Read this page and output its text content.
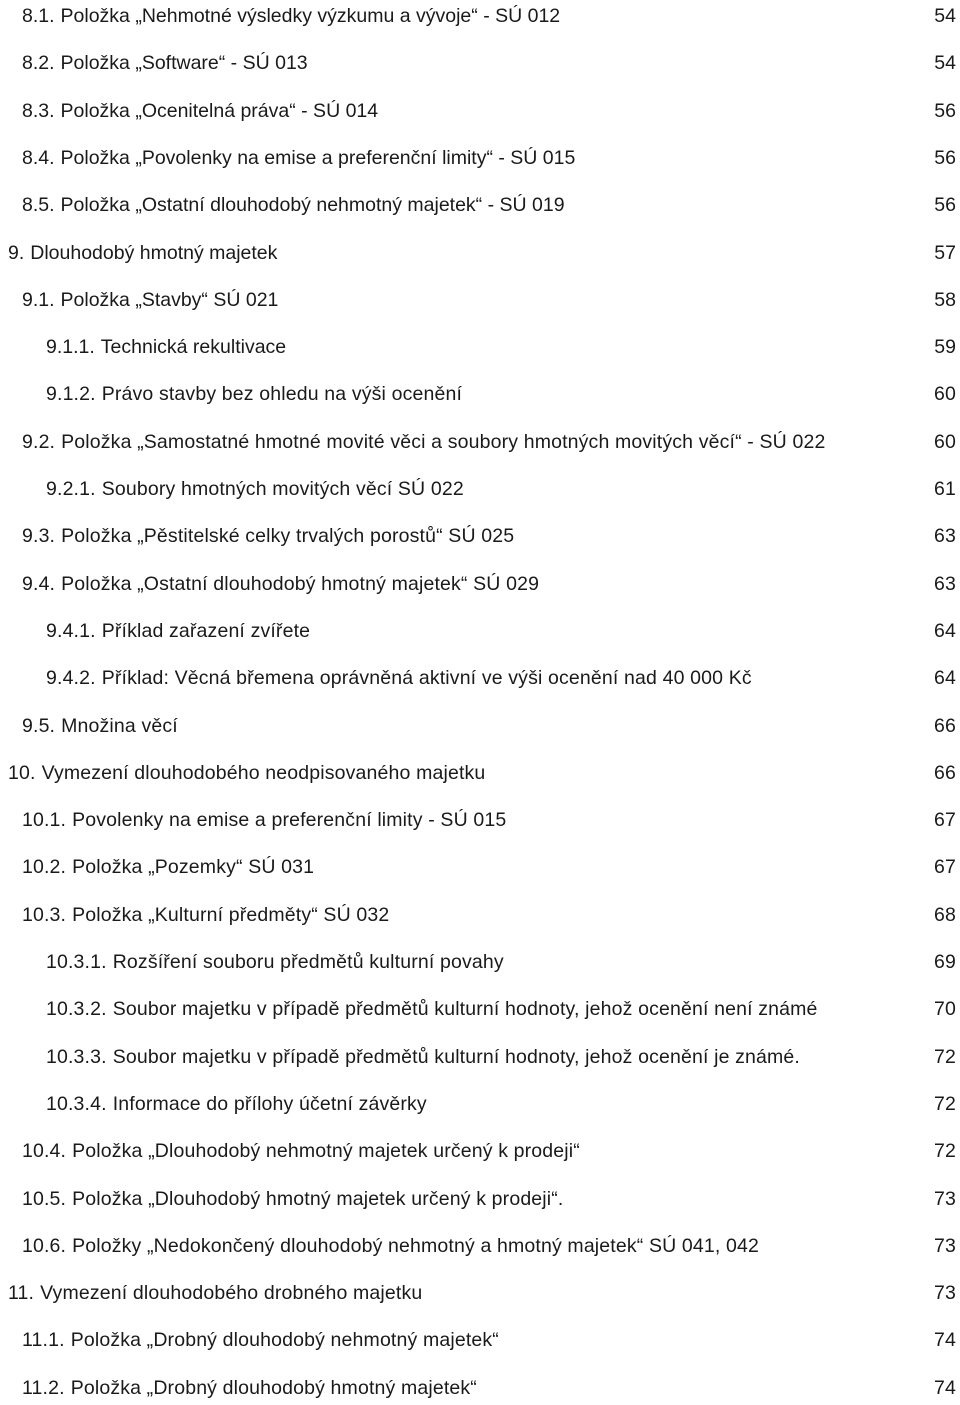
8.1. Položka „Nehmotné výsledky výzkumu a vývoje“ - SÚ 012	54
8.2. Položka „Software“ - SÚ 013	54
8.3. Položka „Ocenitelná práva“ - SÚ 014	56
8.4. Položka „Povolenky na emise a preferenční limity“ - SÚ 015	56
8.5. Položka „Ostatní dlouhodobý nehmotný majetek“ - SÚ 019	56
9. Dlouhodobý hmotný majetek	57
9.1. Položka „Stavby“ SÚ 021	58
9.1.1. Technická rekultivace	59
9.1.2. Právo stavby bez ohledu na výši ocenění	60
9.2. Položka „Samostatné hmotné movité věci a soubory hmotných movitých věcí“ - SÚ 022	60
9.2.1. Soubory hmotných movitých věcí SÚ 022	61
9.3. Položka „Pěstitelské celky trvalých porostů“ SÚ 025	63
9.4. Položka „Ostatní dlouhodobý hmotný majetek“ SÚ 029	63
9.4.1. Příklad zařazení zvířete	64
9.4.2. Příklad: Věcná břemena oprávněná aktivní ve výši ocenění nad 40 000 Kč	64
9.5. Množina věcí	66
10. Vymezení dlouhodobého neodpisovaného majetku	66
10.1. Povolenky na emise a preferenční limity - SÚ 015	67
10.2. Položka „Pozemky“ SÚ 031	67
10.3. Položka „Kulturní předměty“ SÚ 032	68
10.3.1. Rozšíření souboru předmětů kulturní povahy	69
10.3.2. Soubor majetku v případě předmětů kulturní hodnoty, jehož ocenění není známé	70
10.3.3. Soubor majetku v případě předmětů kulturní hodnoty, jehož ocenění je známé.	72
10.3.4. Informace do přílohy účetní závěrky	72
10.4. Položka „Dlouhodobý nehmotný majetek určený k prodeji“	72
10.5. Položka „Dlouhodobý hmotný majetek určený k prodeji“.	73
10.6. Položky „Nedokončený dlouhodobý nehmotný a hmotný majetek“ SÚ 041, 042	73
11. Vymezení dlouhodobého drobného majetku	73
11.1. Položka „Drobný dlouhodobý nehmotný majetek“	74
11.2. Položka „Drobný dlouhodobý hmotný majetek“	74
